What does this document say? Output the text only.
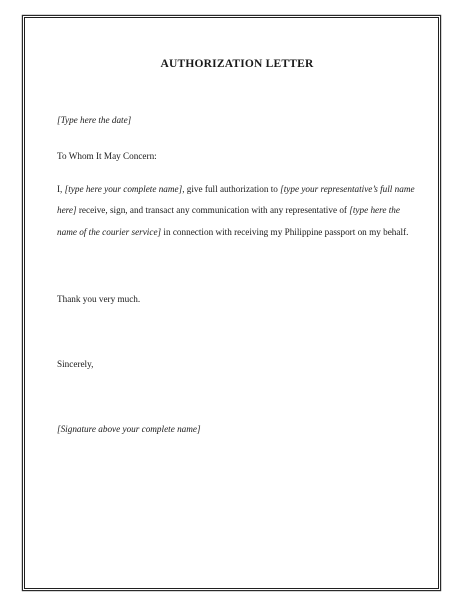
AUTHORIZATION LETTER
[Type here the date]
To Whom It May Concern:
I, [type here your complete name], give full authorization to [type your representative’s full name here] receive, sign, and transact any communication with any representative of [type here the name of the courier service] in connection with receiving my Philippine passport on my behalf.
Thank you very much.
Sincerely,
[Signature above your complete name]
